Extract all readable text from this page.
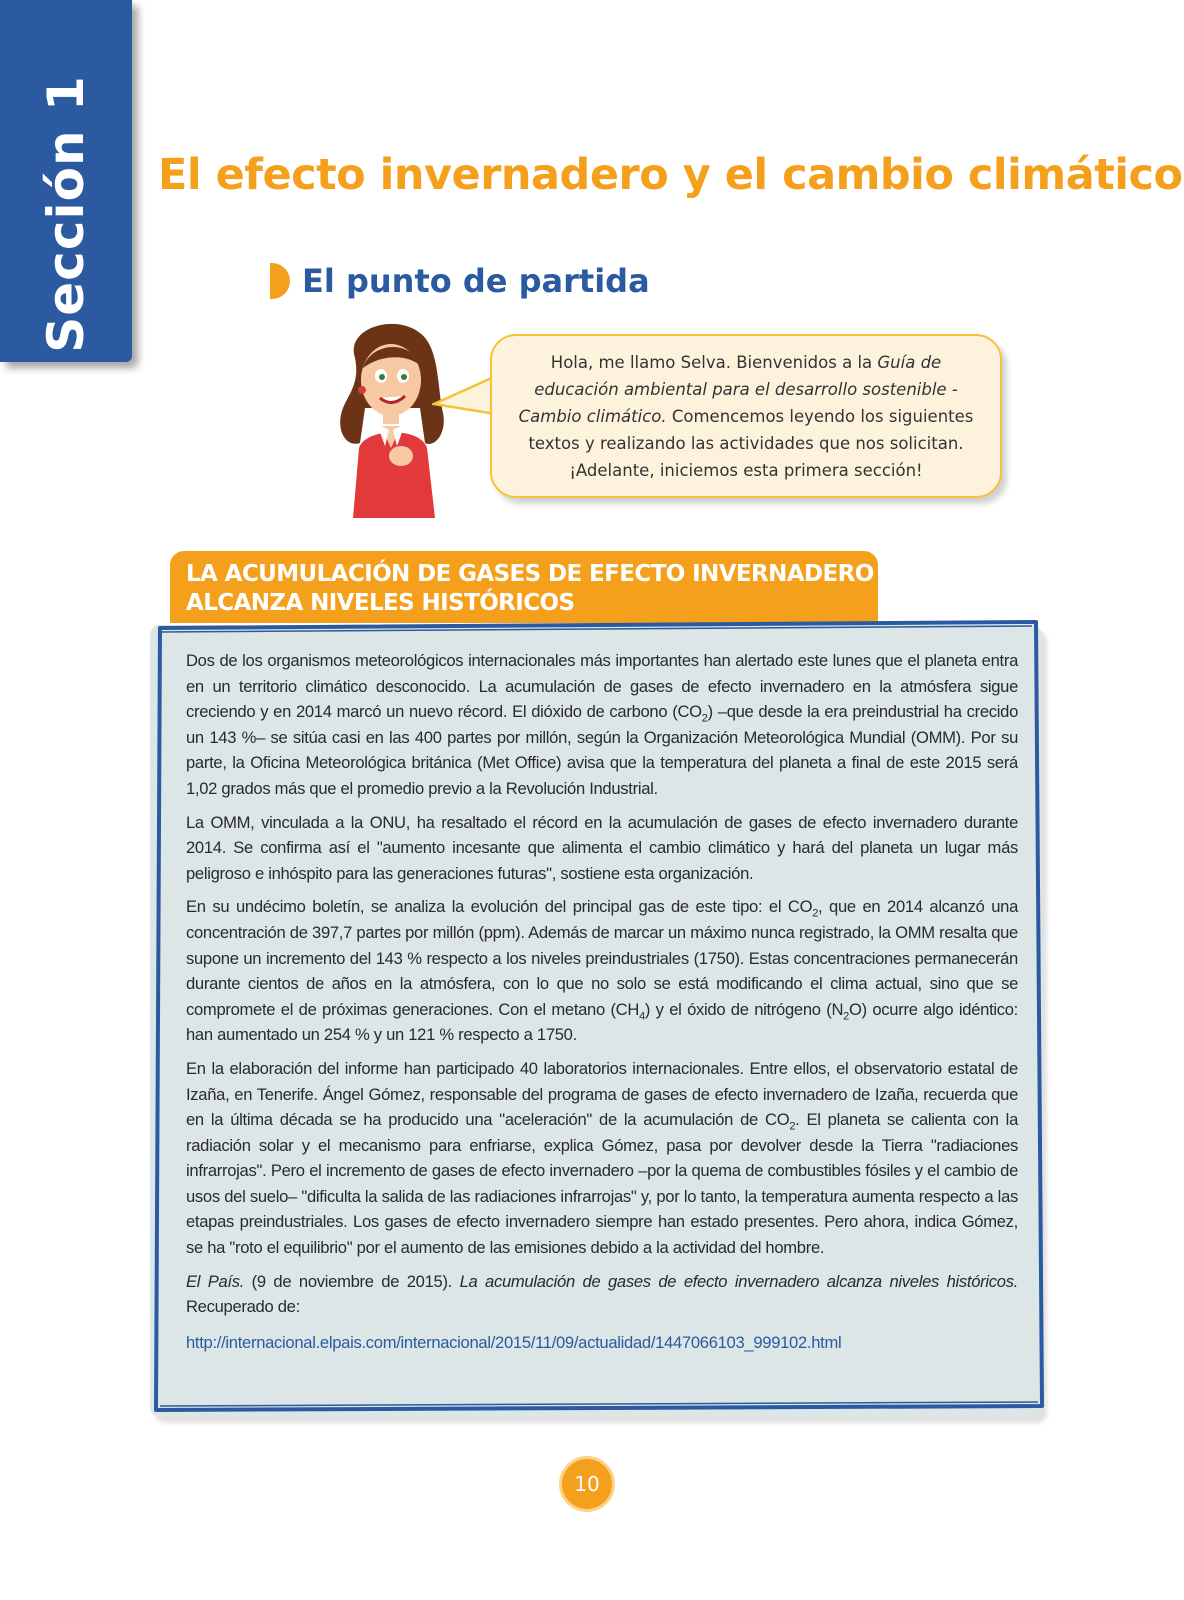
Sección 1 El efecto invernadero y el cambio climático
El punto de partida
Hola, me llamo Selva. Bienvenidos a la Guía de educación ambiental para el desarrollo sostenible - Cambio climático. Comencemos leyendo los siguientes textos y realizando las actividades que nos solicitan. ¡Adelante, iniciemos esta primera sección!
LA ACUMULACIÓN DE GASES DE EFECTO INVERNADERO
ALCANZA NIVELES HISTÓRICOS

Dos de los organismos meteorológicos internacionales más importantes han alertado este lunes que el planeta entra en un territorio climático desconocido. La acumulación de gases de efecto invernadero en la atmósfera sigue creciendo y en 2014 marcó un nuevo récord. El dióxido de carbono $(CO_2)$ –que desde la era preindustrial ha crecido un 143 %– se sitúa casi en las 400 partes por millón, según la Organización Meteorológica Mundial (OMM). Por su parte, la Oficina Meteorológica británica (Met Office) avisa que la temperatura del planeta a final de este 2015 será 1,02 grados más que el promedio previo a la Revolución Industrial.

La OMM, vinculada a la ONU, ha resaltado el récord en la acumulación de gases de efecto invernadero durante 2014. Se confirma así el "aumento incesante que alimenta el cambio climático y hará del planeta un lugar más peligroso e inhóspito para las generaciones futuras", sostiene esta organización.

En su undécimo boletín, se analiza la evolución del principal gas de este tipo: el $CO_2$, que en 2014 alcanzó una concentración de 397,7 partes por millón (ppm). Además de marcar un máximo nunca registrado, la OMM resalta que supone un incremento del 143 % respecto a los niveles preindustriales (1750). Estas concentraciones permanecerán durante cientos de años en la atmósfera, con lo que no solo se está modificando el clima actual, sino que se compromete el de próximas generaciones. Con el metano $(CH_4)$ y el óxido de nitrógeno $(N_2O)$ ocurre algo idéntico: han aumentado un 254 % y un 121 % respecto a 1750.

En la elaboración del informe han participado 40 laboratorios internacionales. Entre ellos, el observatorio estatal de Izaña, en Tenerife. Ángel Gómez, responsable del programa de gases de efecto invernadero de Izaña, recuerda que en la última década se ha producido una "aceleración" de la acumulación de $CO_2$. El planeta se calienta con la radiación solar y el mecanismo para enfriarse, explica Gómez, pasa por devolver desde la Tierra "radiaciones infrarrojas". Pero el incremento de gases de efecto invernadero –por la quema de combustibles fósiles y el cambio de usos del suelo– "dificulta la salida de las radiaciones infrarrojas" y, por lo tanto, la temperatura aumenta respecto a las etapas preindustriales. Los gases de efecto invernadero siempre han estado presentes. Pero ahora, indica Gómez, se ha "roto el equilibrio" por el aumento de las emisiones debido a la actividad del hombre.

El País. (9 de noviembre de 2015). La acumulación de gases de efecto invernadero alcanza niveles históricos. Recuperado de:
http://internacional.elpais.com/internacional/2015/11/09/actualidad/1447066103_999102.html

10
